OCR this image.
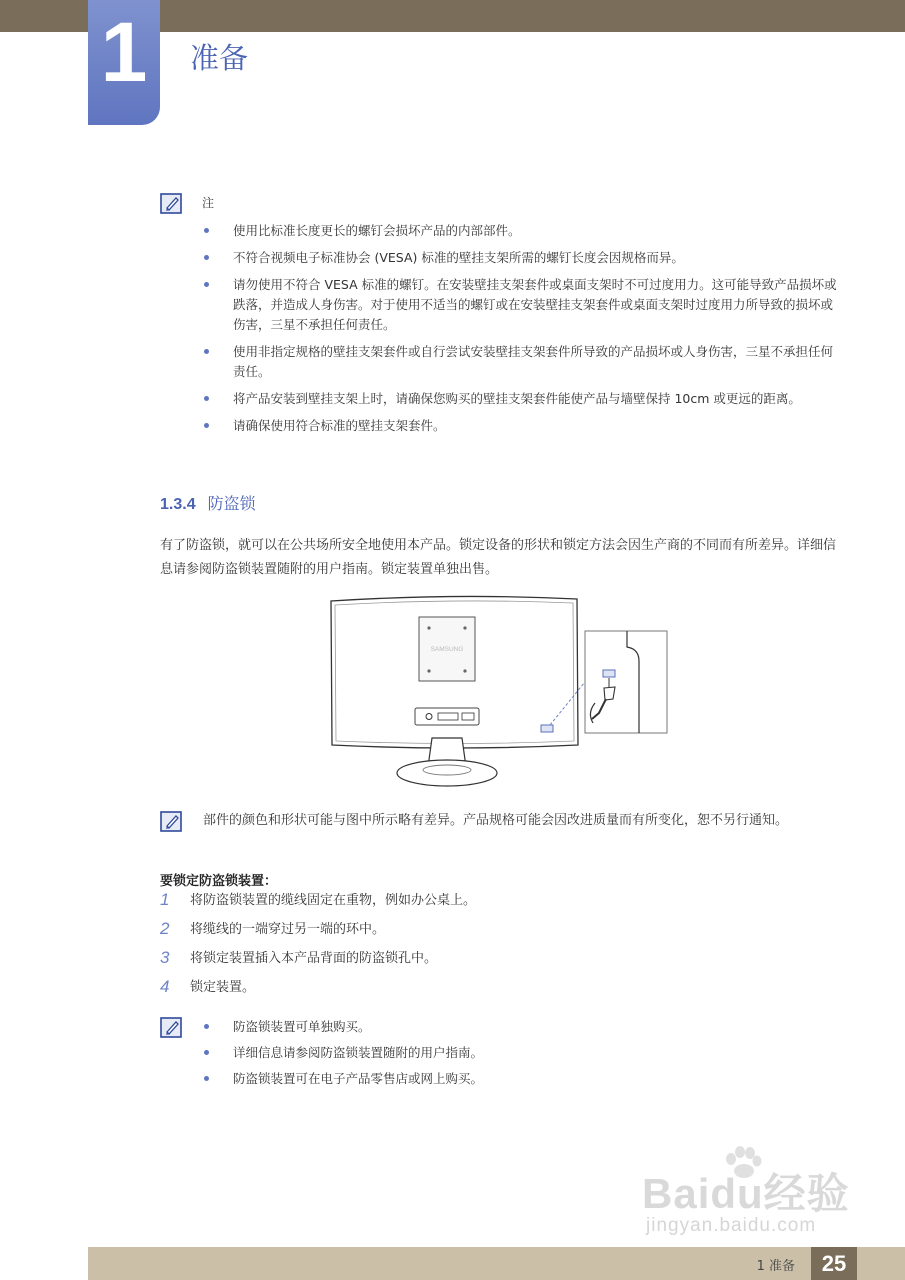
1	准备
注
使用比标准长度更长的螺钉会损坏产品的内部部件。
不符合视频电子标准协会 (VESA) 标准的壁挂支架所需的螺钉长度会因规格而异。
请勿使用不符合 VESA 标准的螺钉。在安装壁挂支架套件或桌面支架时不可过度用力。这可能导致产品损坏或跌落，并造成人身伤害。对于使用不适当的螺钉或在安装壁挂支架套件或桌面支架时过度用力所导致的损坏或伤害，三星不承担任何责任。
使用非指定规格的壁挂支架套件或自行尝试安装壁挂支架套件所导致的产品损坏或人身伤害，三星不承担任何责任。
将产品安装到壁挂支架上时，请确保您购买的壁挂支架套件能使产品与墙壁保持 10cm 或更远的距离。
请确保使用符合标准的壁挂支架套件。
1.3.4 防盗锁

有了防盗锁，就可以在公共场所安全地使用本产品。锁定设备的形状和锁定方法会因生产商的不同而有所差异。详细信息请参阅防盗锁装置随附的用户指南。锁定装置单独出售。

SAMSUNG

部件的颜色和形状可能与图中所示略有差异。产品规格可能会因改进质量而有所变化，恕不另行通知。

要锁定防盗锁装置：
1 将防盗锁装置的缆线固定在重物，例如办公桌上。
2 将缆线的一端穿过另一端的环中。
3 将锁定装置插入本产品背面的防盗锁孔中。
4 锁定装置。
防盗锁装置可单独购买。
详细信息请参阅防盗锁装置随附的用户指南。
防盗锁装置可在电子产品零售店或网上购买。
Baidu经验
jingyan.baidu.com
1 准备	25
